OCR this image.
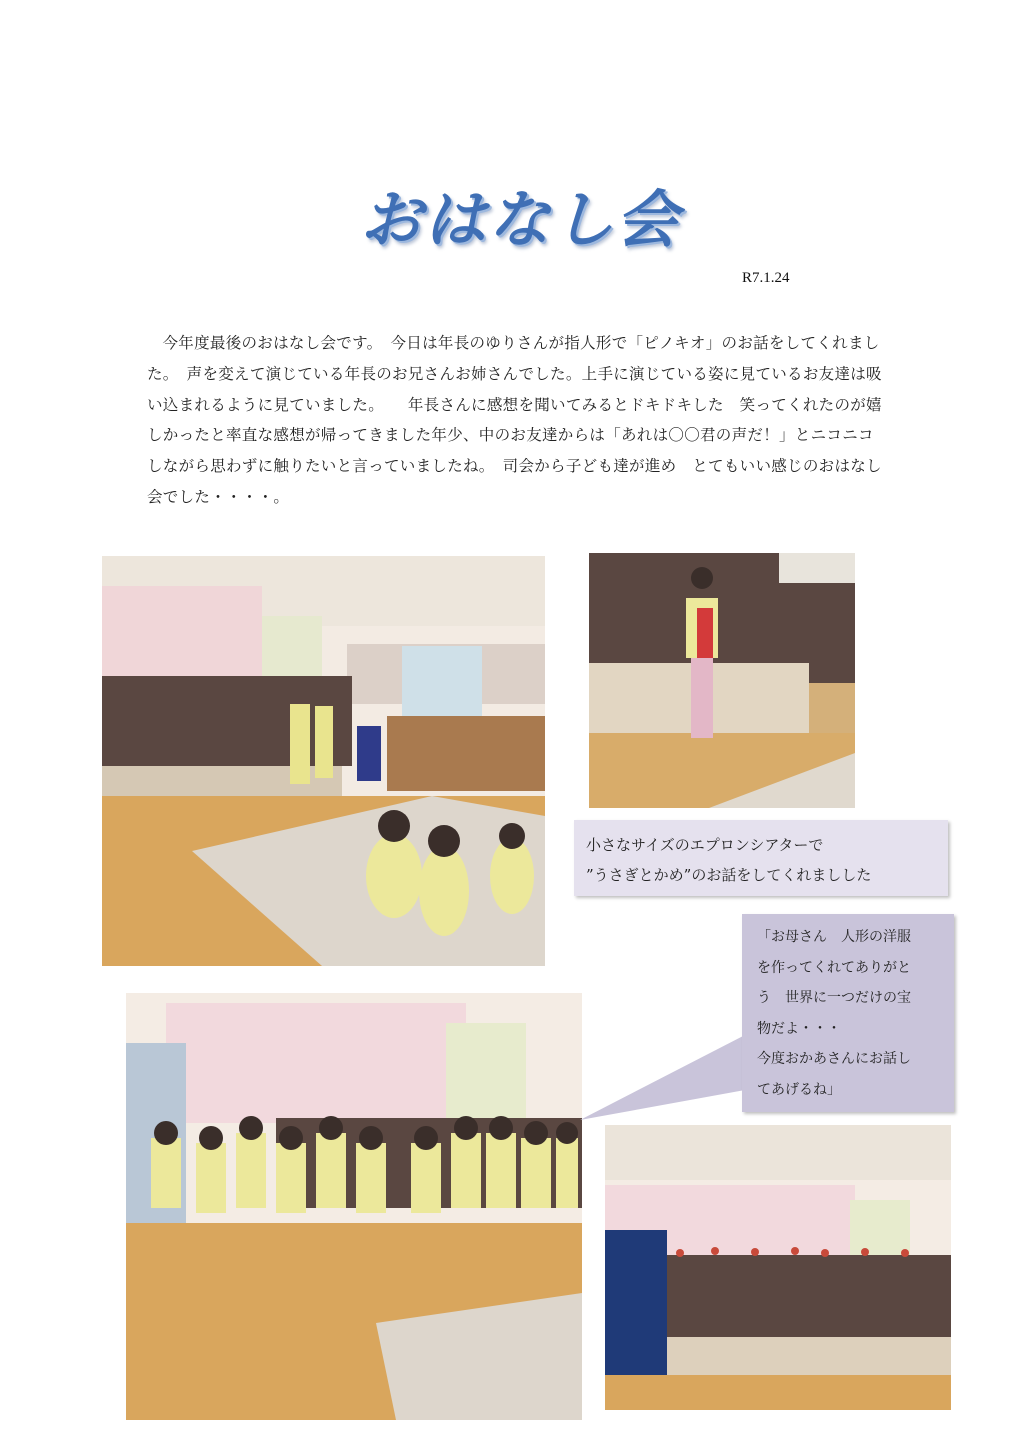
おはなし会
R7.1.24

今年度最後のおはなし会です。　今日は年長のゆりさんが指人形で「ピノキオ」のお話をしてくれました。　声を変えて演じている年長のお兄さんお姉さんでした。上手に演じている姿に見ているお友達は吸い込まれるように見ていました。　　年長さんに感想を聞いてみるとドキドキした　笑ってくれたのが嬉しかったと率直な感想が帰ってきました年少、中のお友達からは「あれは〇〇君の声だ！」とニコニコしながら思わずに触りたいと言っていましたね。　司会から子ども達が進め　とてもいい感じのおはなし会でした・・・・。

小さなサイズのエプロンシアターで
”うさぎとかめ”のお話をしてくれましした
「お母さん　人形の洋服
を作ってくれてありがと
う　世界に一つだけの宝
物だよ・・・
今度おかあさんにお話し
てあげるね」
